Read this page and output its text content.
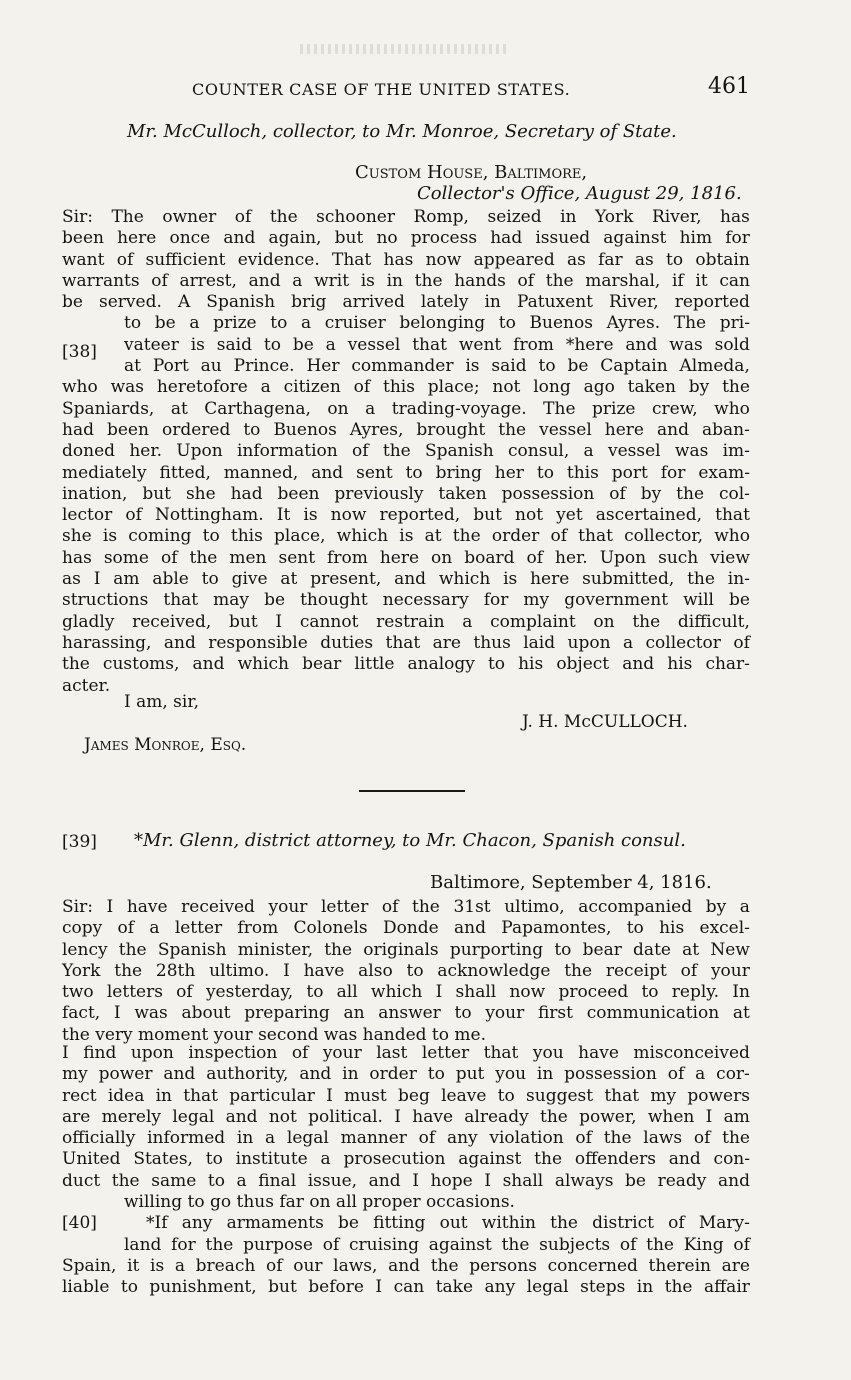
COUNTER CASE OF THE UNITED STATES.	461
Mr. McCulloch, collector, to Mr. Monroe, Secretary of State.
Custom House, Baltimore,
Collector's Office, August 29, 1816.
[38]
Sir: The owner of the schooner Romp, seized in York River, has
been here once and again, but no process had issued against him for
want of sufficient evidence. That has now appeared as far as to obtain
warrants of arrest, and a writ is in the hands of the marshal, if it can
be served. A Spanish brig arrived lately in Patuxent River, reported
to be a prize to a cruiser belonging to Buenos Ayres. The pri-
vateer is said to be a vessel that went from *here and was sold
at Port au Prince. Her commander is said to be Captain Almeda,
who was heretofore a citizen of this place; not long ago taken by the
Spaniards, at Carthagena, on a trading-voyage. The prize crew, who
had been ordered to Buenos Ayres, brought the vessel here and aban-
doned her. Upon information of the Spanish consul, a vessel was im-
mediately fitted, manned, and sent to bring her to this port for exam-
ination, but she had been previously taken possession of by the col-
lector of Nottingham. It is now reported, but not yet ascertained, that
she is coming to this place, which is at the order of that collector, who
has some of the men sent from here on board of her. Upon such view
as I am able to give at present, and which is here submitted, the in-
structions that may be thought necessary for my government will be
gladly received, but I cannot restrain a complaint on the difficult,
harassing, and responsible duties that are thus laid upon a collector of
the customs, and which bear little analogy to his object and his char-
acter.
I am, sir,
J. H. McCULLOCH.
James Monroe, Esq.
[39] *Mr. Glenn, district attorney, to Mr. Chacon, Spanish consul.
Baltimore, September 4, 1816.
Sir: I have received your letter of the 31st ultimo, accompanied by a
copy of a letter from Colonels Donde and Papamontes, to his excel-
lency the Spanish minister, the originals purporting to bear date at New
York the 28th ultimo. I have also to acknowledge the receipt of your
two letters of yesterday, to all which I shall now proceed to reply. In
fact, I was about preparing an answer to your first communication at
the very moment your second was handed to me.
[40]
I find upon inspection of your last letter that you have misconceived
my power and authority, and in order to put you in possession of a cor-
rect idea in that particular I must beg leave to suggest that my powers
are merely legal and not political. I have already the power, when I am
officially informed in a legal manner of any violation of the laws of the
United States, to institute a prosecution against the offenders and con-
duct the same to a final issue, and I hope I shall always be ready and
willing to go thus far on all proper occasions.
*If any armaments be fitting out within the district of Mary-
land for the purpose of cruising against the subjects of the King of
Spain, it is a breach of our laws, and the persons concerned therein are
liable to punishment, but before I can take any legal steps in the affair
